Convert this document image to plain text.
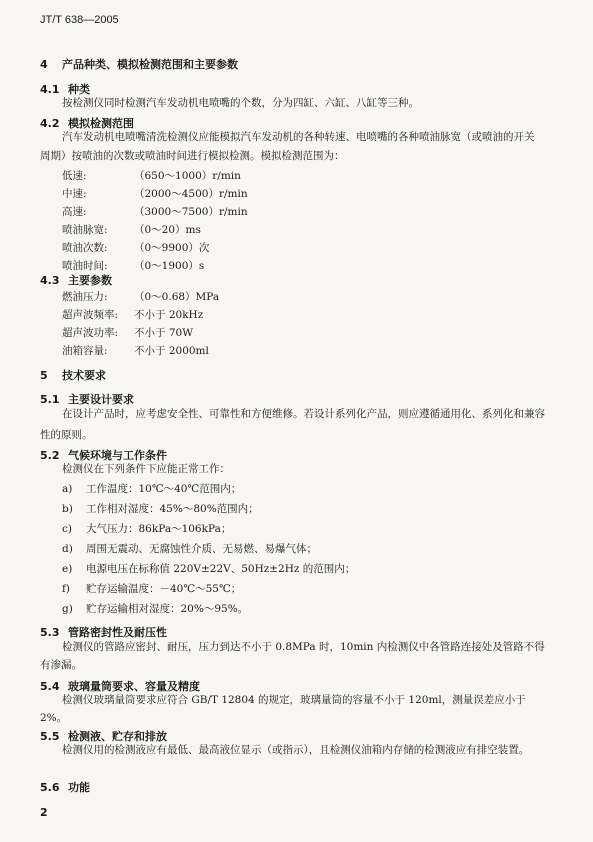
JT/T 638—2005
4 产品种类、模拟检测范围和主要参数
4.1 种类
按检测仪同时检测汽车发动机电喷嘴的个数，分为四缸、六缸、八缸等三种。
4.2 模拟检测范围
汽车发动机电喷嘴清洗检测仪应能模拟汽车发动机的各种转速、电喷嘴的各种喷油脉宽（或喷油的开关周期）按喷油的次数或喷油时间进行模拟检测。模拟检测范围为：
低速:	（650～1000）r/min
中速:	（2000～4500）r/min
高速:	（3000～7500）r/min
喷油脉宽:	（0～20）ms
喷油次数:	（0～9900）次
喷油时间:	（0～1900）s
4.3 主要参数
燃油压力:	（0～0.68）MPa
超声波频率: 不小于 20kHz
超声波功率: 不小于 70W
油箱容量:	不小于 2000ml
5 技术要求
5.1 主要设计要求
在设计产品时，应考虑安全性、可靠性和方便维修。若设计系列化产品，则应遵循通用化、系列化和兼容性的原则。
5.2 气候环境与工作条件
检测仪在下列条件下应能正常工作：
a) 工作温度：10℃～40℃范围内；
b) 工作相对湿度：45%～80%范围内；
c) 大气压力：86kPa～106kPa；
d) 周围无震动、无腐蚀性介质、无易燃、易爆气体；
e) 电源电压在标称值 220V±22V、50Hz±2Hz 的范围内；
f) 贮存运输温度：－40℃～55℃；
g) 贮存运输相对湿度：20%～95%。
5.3 管路密封性及耐压性
检测仪的管路应密封、耐压，压力到达不小于 0.8MPa 时，10min 内检测仪中各管路连接处及管路不得有渗漏。
5.4 玻璃量筒要求、容量及精度
检测仪玻璃量筒要求应符合 GB/T 12804 的规定，玻璃量筒的容量不小于 120ml，测量误差应小于 2%。
5.5 检测液、贮存和排放
检测仪用的检测液应有最低、最高液位显示（或指示），且检测仪油箱内存储的检测液应有排空装置。
5.6 功能
2
